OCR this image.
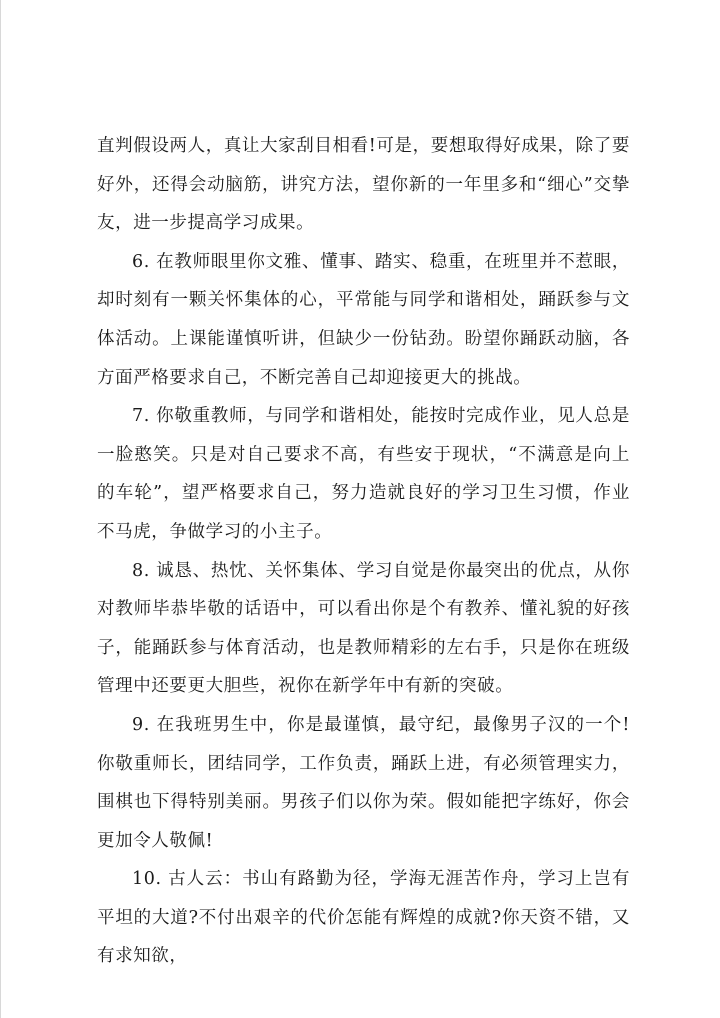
直判假设两人，真让大家刮目相看!可是，要想取得好成果，除了要好外，还得会动脑筋，讲究方法，望你新的一年里多和“细心”交挚友，进一步提高学习成果。

6. 在教师眼里你文雅、懂事、踏实、稳重，在班里并不惹眼，却时刻有一颗关怀集体的心，平常能与同学和谐相处，踊跃参与文体活动。上课能谨慎听讲，但缺少一份钻劲。盼望你踊跃动脑，各方面严格要求自己，不断完善自己却迎接更大的挑战。

7. 你敬重教师，与同学和谐相处，能按时完成作业，见人总是一脸憨笑。只是对自己要求不高，有些安于现状，“不满意是向上的车轮”，望严格要求自己，努力造就良好的学习卫生习惯，作业不马虎，争做学习的小主子。

8. 诚恳、热忱、关怀集体、学习自觉是你最突出的优点，从你对教师毕恭毕敬的话语中，可以看出你是个有教养、懂礼貌的好孩子，能踊跃参与体育活动，也是教师精彩的左右手，只是你在班级管理中还要更大胆些，祝你在新学年中有新的突破。

9. 在我班男生中，你是最谨慎，最守纪，最像男子汉的一个!你敬重师长，团结同学，工作负责，踊跃上进，有必须管理实力，围棋也下得特别美丽。男孩子们以你为荣。假如能把字练好，你会更加令人敬佩!

10. 古人云：书山有路勤为径，学海无涯苦作舟，学习上岂有平坦的大道?不付出艰辛的代价怎能有辉煌的成就?你天资不错，又有求知欲，
